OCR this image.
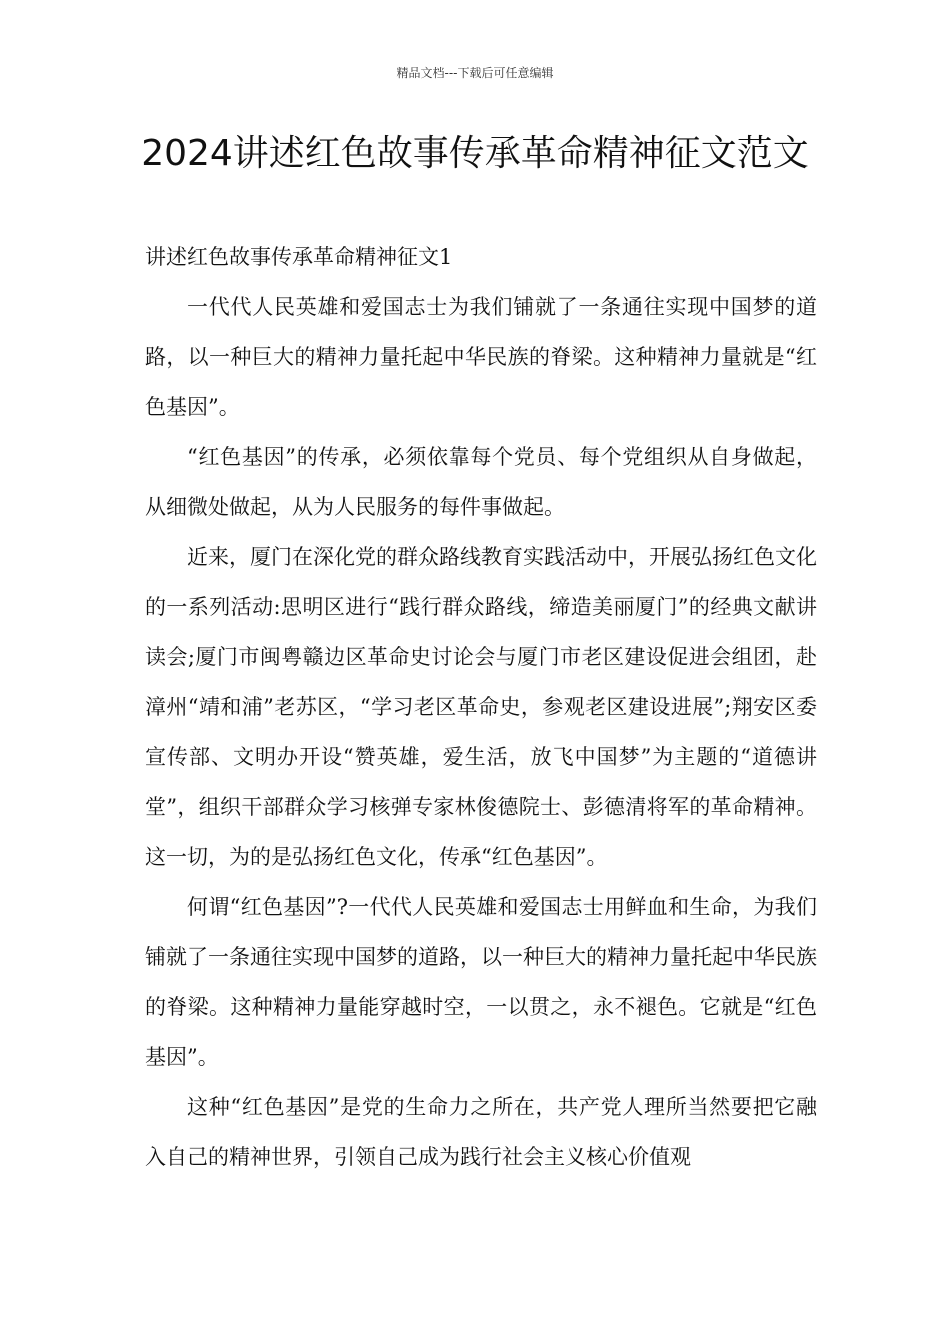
精品文档---下载后可任意编辑
2024讲述红色故事传承革命精神征文范文

讲述红色故事传承革命精神征文1

一代代人民英雄和爱国志士为我们铺就了一条通往实现中国梦的道路，以一种巨大的精神力量托起中华民族的脊梁。这种精神力量就是“红色基因”。

“红色基因”的传承，必须依靠每个党员、每个党组织从自身做起，从细微处做起，从为人民服务的每件事做起。

近来，厦门在深化党的群众路线教育实践活动中，开展弘扬红色文化的一系列活动:思明区进行“践行群众路线，缔造美丽厦门”的经典文献讲读会;厦门市闽粤赣边区革命史讨论会与厦门市老区建设促进会组团，赴漳州“靖和浦”老苏区，“学习老区革命史，参观老区建设进展”;翔安区委宣传部、文明办开设“赞英雄，爱生活，放飞中国梦”为主题的“道德讲堂”，组织干部群众学习核弹专家林俊德院士、彭德清将军的革命精神。这一切，为的是弘扬红色文化，传承“红色基因”。

何谓“红色基因”?一代代人民英雄和爱国志士用鲜血和生命，为我们铺就了一条通往实现中国梦的道路，以一种巨大的精神力量托起中华民族的脊梁。这种精神力量能穿越时空，一以贯之，永不褪色。它就是“红色基因”。

这种“红色基因”是党的生命力之所在，共产党人理所当然要把它融入自己的精神世界，引领自己成为践行社会主义核心价值观
